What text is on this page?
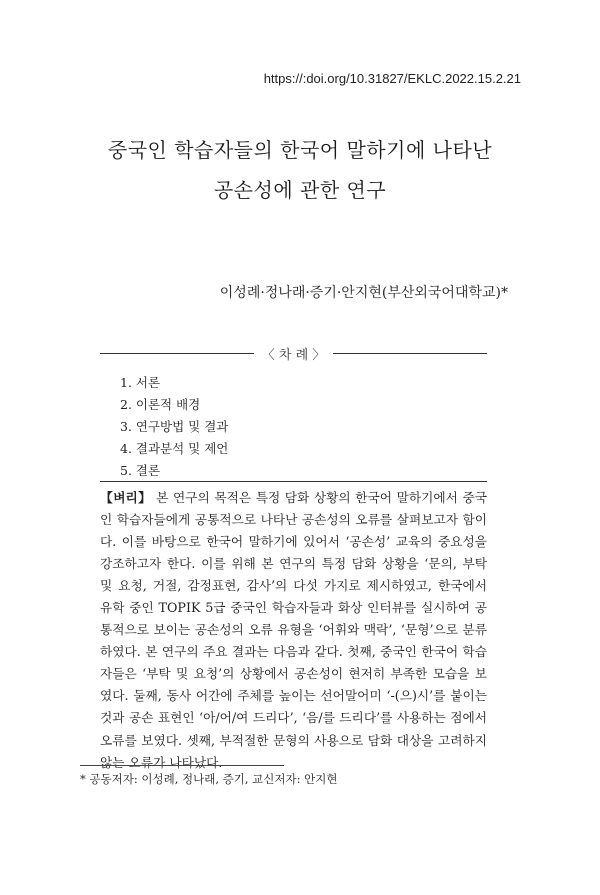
https://:doi.org/10.31827/EKLC.2022.15.2.21
중국인 학습자들의 한국어 말하기에 나타난
공손성에 관한 연구
이성례·정나래·증기·안지현(부산외국어대학교)*
〈 차 례 〉
1. 서론
2. 이론적 배경
3. 연구방법 및 결과
4. 결과분석 및 제언
5. 결론

【벼리】 본 연구의 목적은 특정 담화 상황의 한국어 말하기에서 중국인 학습자들에게 공통적으로 나타난 공손성의 오류를 살펴보고자 함이다. 이를 바탕으로 한국어 말하기에 있어서 ‘공손성’ 교육의 중요성을 강조하고자 한다. 이를 위해 본 연구의 특정 담화 상황을 ‘문의, 부탁 및 요청, 거절, 감정표현, 감사’의 다섯 가지로 제시하였고, 한국에서 유학 중인 TOPIK 5급 중국인 학습자들과 화상 인터뷰를 실시하여 공통적으로 보이는 공손성의 오류 유형을 ‘어휘와 맥락’, ‘문형’으로 분류하였다. 본 연구의 주요 결과는 다음과 같다. 첫째, 중국인 한국어 학습자들은 ‘부탁 및 요청’의 상황에서 공손성이 현저히 부족한 모습을 보였다. 둘째, 동사 어간에 주체를 높이는 선어말어미 ‘-(으)시’를 붙이는 것과 공손 표현인 ‘아/어/여 드리다’, ‘음/를 드리다’를 사용하는 점에서 오류를 보였다. 셋째, 부적절한 문형의 사용으로 담화 대상을 고려하지 않는 오류가 나타났다.

* 공동저자: 이성례, 정나래, 증기, 교신저자: 안지현
